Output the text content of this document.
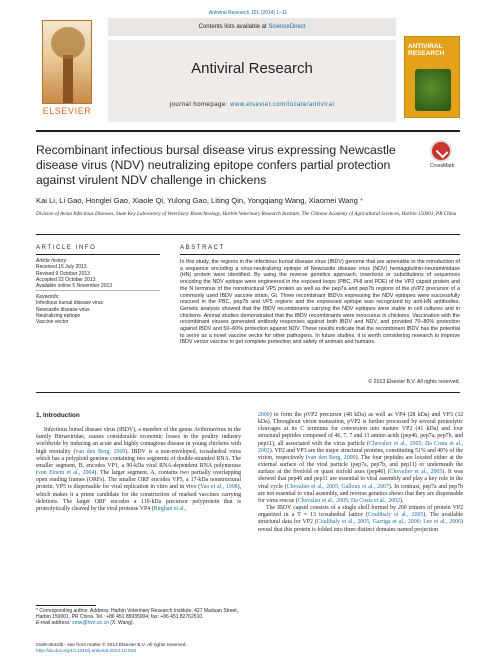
Antiviral Research 101 (2014) 1–11
ELSEVIER
Contents lists available at ScienceDirect
Antiviral Research
journal homepage: www.elsevier.com/locate/antiviral
ANTIVIRAL RESEARCH
Recombinant infectious bursal disease virus expressing Newcastle disease virus (NDV) neutralizing epitope confers partial protection against virulent NDV challenge in chickens
CrossMark
Kai Li, Li Gao, Honglei Gao, Xiaole Qi, Yulong Gao, Liting Qin, Yongqiang Wang, Xiaomei Wang *
Division of Avian Infectious Diseases, State Key Laboratory of Veterinary Biotechnology, Harbin Veterinary Research Institute, The Chinese Academy of Agricultural Sciences, Harbin 150001, PR China
ARTICLE INFO	ABSTRACT
Article history:
Received 16 July 2013
Revised 9 October 2013
Accepted 22 October 2013
Available online 5 November 2013
Keywords:
Infectious bursal disease virus
Newcastle disease virus
Neutralizing epitope
Vaccine vector
In this study, the regions in the infectious bursal disease virus (IBDV) genome that are amenable to the introduction of a sequence encoding a virus-neutralizing epitope of Newcastle disease virus (NDV) hemagglutinin-neuraminidase (HN) protein were identified. By using the reverse genetics approach, insertions or substitutions of sequences encoding the NDV epitope were engineered in the exposed loops (PBC, PHI and PDE) of the VP2 capsid protein and the N terminus of the nonstructural VP5 protein as well as the pep7a and pep7b regions of the pVP2 precursor of a commonly used IBDV vaccine strain, Gt. Three recombinant IBDVs expressing the NDV epitopes were successfully rescued in the PBC, pep7b and VP5 regions and the expressed epitope was recognized by anti-HN antibodies. Genetic analysis showed that the IBDV recombinants carrying the NDV epitopes were stable in cell cultures and in chickens. Animal studies demonstrated that the IBDV recombinants were innocuous in chickens. Vaccination with the recombinant viruses generated antibody responses against both IBDV and NDV, and provided 70–80% protection against IBDV and 50–60% protection against NDV. These results indicate that the recombinant IBDV has the potential to serve as a novel vaccine vector for other pathogens. In future studies, it is worth considering research to improve IBDV vector vaccine to get complete protection and safety of animals and humans.
© 2013 Elsevier B.V. All rights reserved.
1. Introduction

Infectious bursal disease virus (IBDV), a member of the genus Avibirnavirus in the family Birnaviridae, causes considerable economic losses in the poultry industry worldwide by inducing an acute and highly contagious disease in young chickens with high mortality (van den Berg, 2000). IBDV is a non-enveloped, icosahedral virus which has a polyploid genome containing two segments of double-stranded RNA. The smaller segment, B, encodes VP1, a 90-kDa viral RNA-dependent RNA polymerase (von Einem et al., 2004). The larger segment, A, contains two partially overlapping open reading frames (ORFs). The smaller ORF encodes VP5, a 17-kDa nonstructural protein. VP5 is dispensable for viral replication in vitro and in vivo (Yao et al., 1998), which makes it a prime candidate for the construction of marked vaccines carrying deletions. The larger ORF encodes a 110-kDa precursor polyprotein that is proteolytically cleaved by the viral protease VP4 (Birghan et al.,

2000) to form the pVP2 precursor (48 kDa) as well as VP4 (28 kDa) and VP3 (32 kDa). Throughout virion maturation, pVP2 is further processed by several proteolytic cleavages at its C terminus for conversion into mature VP2 (41 kDa) and four structural peptides composed of 46, 7, 7 and 11 amino acids (pep46, pep7a, pep7b, and pep11), all associated with the virus particle (Chevalier et al., 2005; Da Costa et al., 2002). VP2 and VP3 are the major structural proteins, constituting 51% and 40% of the virion, respectively (van den Berg, 2000). The four peptides are located either at the external surface of the viral particle (pep7a, pep7b, and pep11) or underneath the surface at the fivefold or quasi sixfold axes (pep46) (Chevalier et al., 2005). It was showed that pep46 and pep11 are essential to viral assembly and play a key role in the viral cycle (Chevalier et al., 2005; Galloux et al., 2007). In contrast, pep7a and pep7b are not essential to viral assembly, and reverse genetics shows that they are dispensable for virus rescue (Chevalier et al., 2005; Da Costa et al., 2002).

The IBDV capsid consists of a single shell formed by 260 trimers of protein VP2 organized in a T = 13 icosahedral lattice (Coulibaly et al., 2005). The available structural data for VP2 (Coulibaly et al., 2005; Garriga et al., 2006; Lee et al., 2006) reveal that this protein is folded into three distinct domains named projection

* Corresponding author. Address: Harbin Veterinary Research Institute, 427 Maduan Street, Harbin 150001, PR China. Tel.: +86 451 85935004; fax: +86 451 82762510.
E-mail address: xmw@hvri.ac.cn (X. Wang).
0166-3542/$ - see front matter © 2013 Elsevier B.V. All rights reserved.
http://dx.doi.org/10.1016/j.antiviral.2013.10.016
